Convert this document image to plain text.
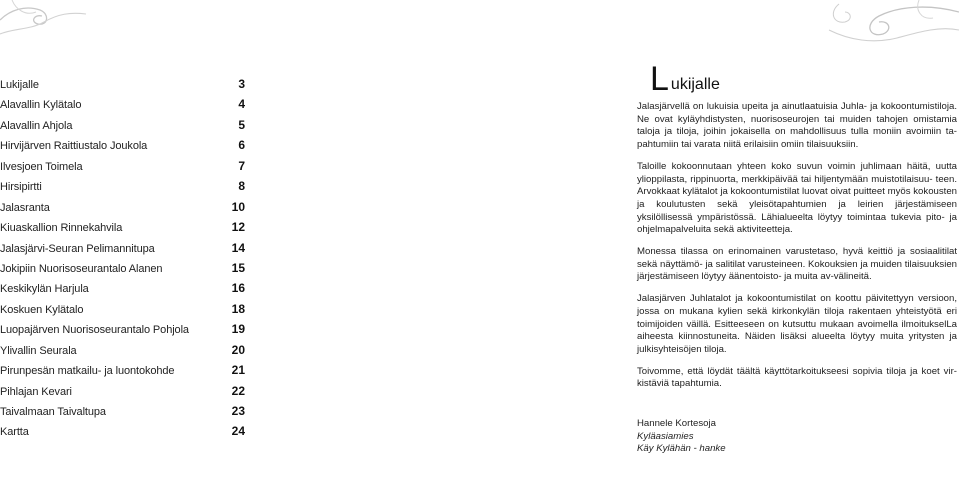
Lukijalle	3
Alavallin Kylätalo	4
Alavallin Ahjola	5
Hirvijärven Raittiustalo Joukola	6
Ilvesjoen Toimela	7
Hirsipirtti	8
Jalasranta	10
Kiuaskallion Rinnekahvila	12
Jalasjärvi-Seuran Pelimannitupa	14
Jokipiin Nuorisoseurantalo Alanen	15
Keskikylän Harjula	16
Koskuen Kylätalo	18
Luopajärven Nuorisoseurantalo Pohjola	19
Ylivallin Seurala	20
Pirunpesän matkailu- ja luontokohde	21
Pihlajan Kevari	22
Taivalmaan Taivaltupa	23
Kartta	24
L ukijalle

Jalasjärvellä on lukuisia upeita ja ainutlaatuisia Juhla- ja kokoontumistiloja. Ne ovat kyläyhdistysten, nuorisoseurojen tai muiden tahojen omistamia taloja ja tiloja, joihin jokaisella on mahdollisuus tulla moniin avoimiin ta- pahtumiin tai varata niitä erilaisiin omiin tilaisuuksiin.

Taloille kokoonnutaan yhteen koko suvun voimin juhlimaan häitä, uutta ylioppilasta, rippinuorta, merkkipäivää tai hiljentymään muistotilaisuu- teen. Arvokkaat kylätalot ja kokoontumistilat luovat oivat puitteet myös kokousten ja koulutusten sekä yleisötapahtumien ja leirien järjestämiseen yksilöllisessä ympäristössä. Lähialueelta löytyy toimintaa tukevia pito- ja ohjelmapalveluita sekä aktiviteetteja.

Monessa tilassa on erinomainen varustetaso, hyvä keittiö ja sosiaalitilat sekä näyttämö- ja salitilat varusteineen. Kokouksien ja muiden tilaisuuksien järjestämiseen löytyy äänentoisto- ja muita av-välineitä.

Jalasjärven Juhlatalot ja kokoontumistilat on koottu päivitettyyn versioon, jossa on mukana kylien sekä kirkonkylän tiloja rakentaen yhteistyötä eri toimijoiden väillä. Esitteeseen on kutsuttu mukaan avoimella ilmoitukselLa aiheesta kiinnostuneita. Näiden lisäksi alueelta löytyy muita yritysten ja julkisyhteisöjen tiloja.

Toivomme, että löydät täältä käyttötarkoitukseesi sopivia tiloja ja koet vir- kistäviä tapahtumia.

Hannele Kortesoja
Kyläasiamies
Käy Kylähän - hanke
